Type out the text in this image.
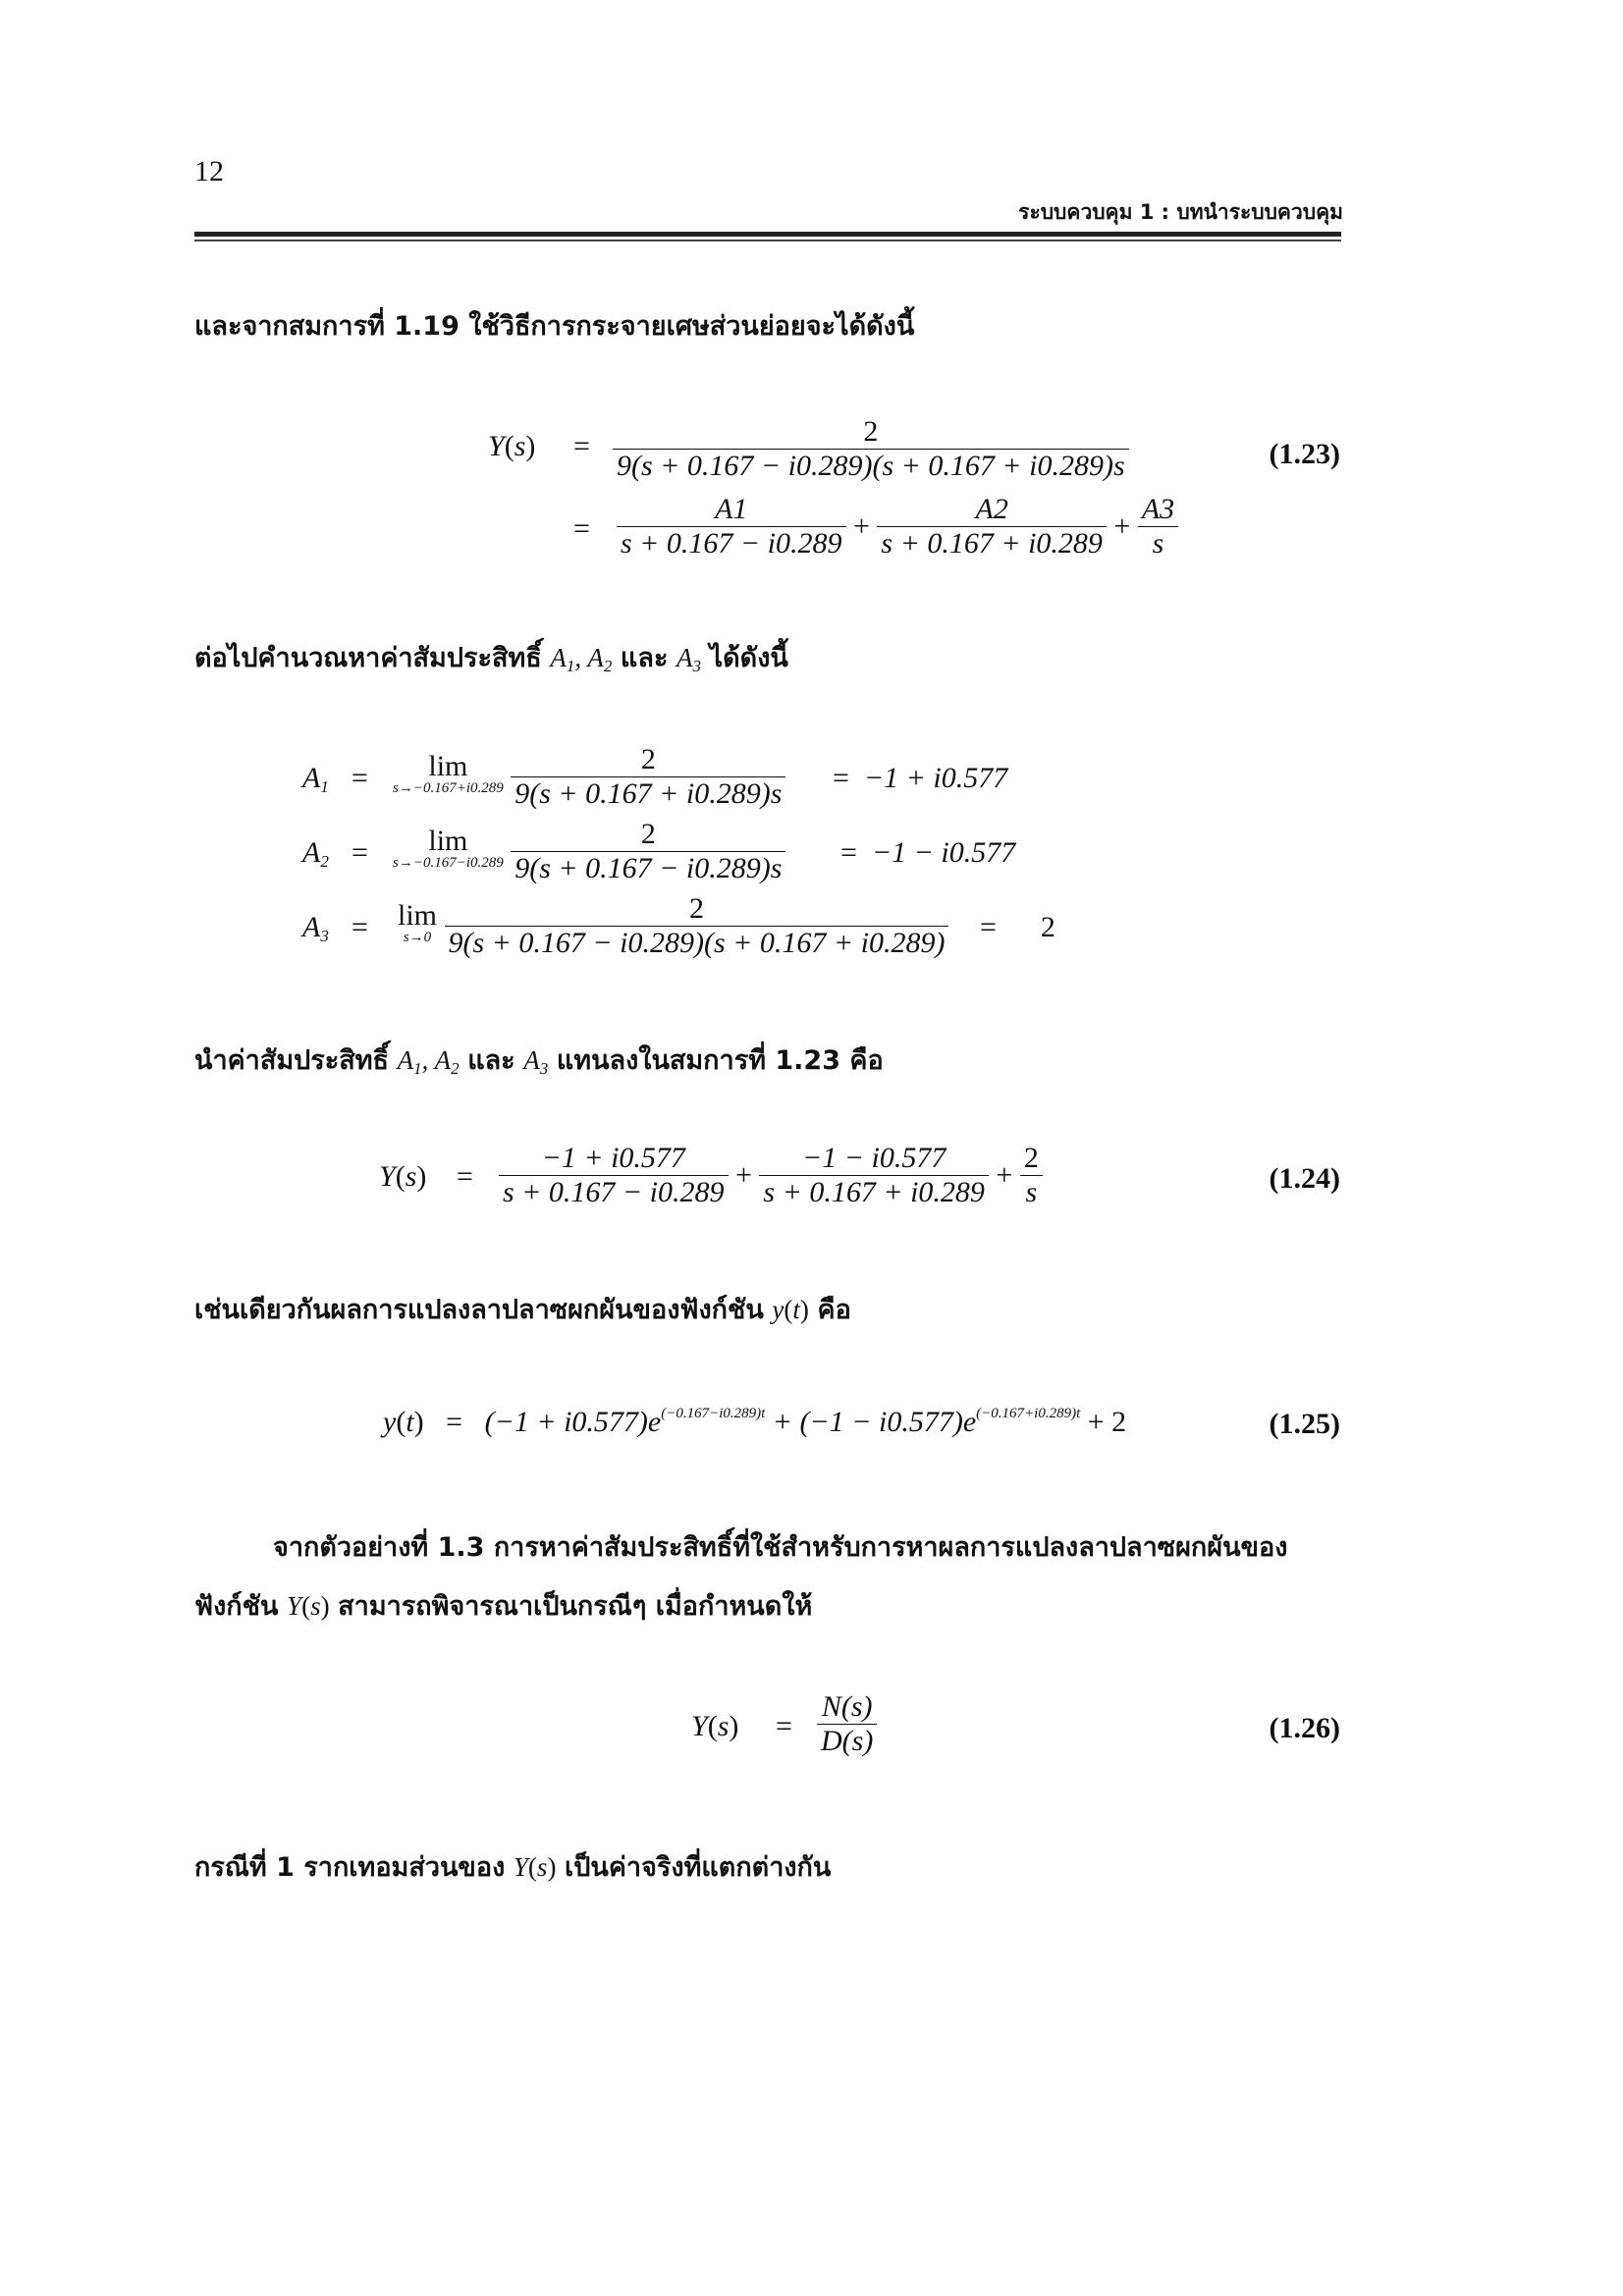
12
ระบบควบคุม 1 : บทนำระบบควบคุม
และจากสมการที่ 1.19 ใช้วิธีการกระจายเศษส่วนย่อยจะได้ดังนี้
$Y(s) = \frac{2}{9(s + 0.167 - i0.289)(s + 0.167 + i0.289)s}$	(1.23)
= $\frac{A1}{s + 0.167 - i0.289} + \frac{A2}{s + 0.167 + i0.289} + \frac{A3}{s}$
ต่อไปคำนวณหาค่าสัมประสิทธิ์ $A_1$, $A_2$ และ $A_3$ ได้ดังนี้
$A_1$ =	lim
s→−0.167+i0.289
$\frac{2}{9(s + 0.167 + i0.289)s} = -1 + i0.577$
$A_2$ =	lim
s→−0.167−i0.289
$\frac{2}{9(s + 0.167 - i0.289)s} = -1 - i0.577$
$A_3 = \lim$
s→0
$\frac{2}{9(s + 0.167 - i0.289)(s + 0.167 + i0.289)}$ =      2
นำค่าสัมประสิทธิ์ $A_1$, $A_2$ และ $A_3$ แทนลงในสมการที่ 1.23 คือ
$Y(s) = \frac{-1 + i0.577}{s + 0.167 - i0.289} + \frac{-1 - i0.577}{s + 0.167 + i0.289} + \frac{2}{s}$	(1.24)
เช่นเดียวกันผลการแปลงลาปลาซผกผันของฟังก์ชัน y(t) คือ
$y(t) = (-1 + i0.577)e^{(-0.167-i0.289)t} + (-1 - i0.577)e^{(-0.167+i0.289)t} + 2$	(1.25)
จากตัวอย่างที่ 1.3 การหาค่าสัมประสิทธิ์ที่ใช้สำหรับการหาผลการแปลงลาปลาซผกผันของ
ฟังก์ชัน Y(s) สามารถพิจารณาเป็นกรณีๆ เมื่อกำหนดให้
$Y(s) = \frac{N(s)}{D(s)}$	(1.26)
กรณีที่ 1 รากเทอมส่วนของ Y(s) เป็นค่าจริงที่แตกต่างกัน
